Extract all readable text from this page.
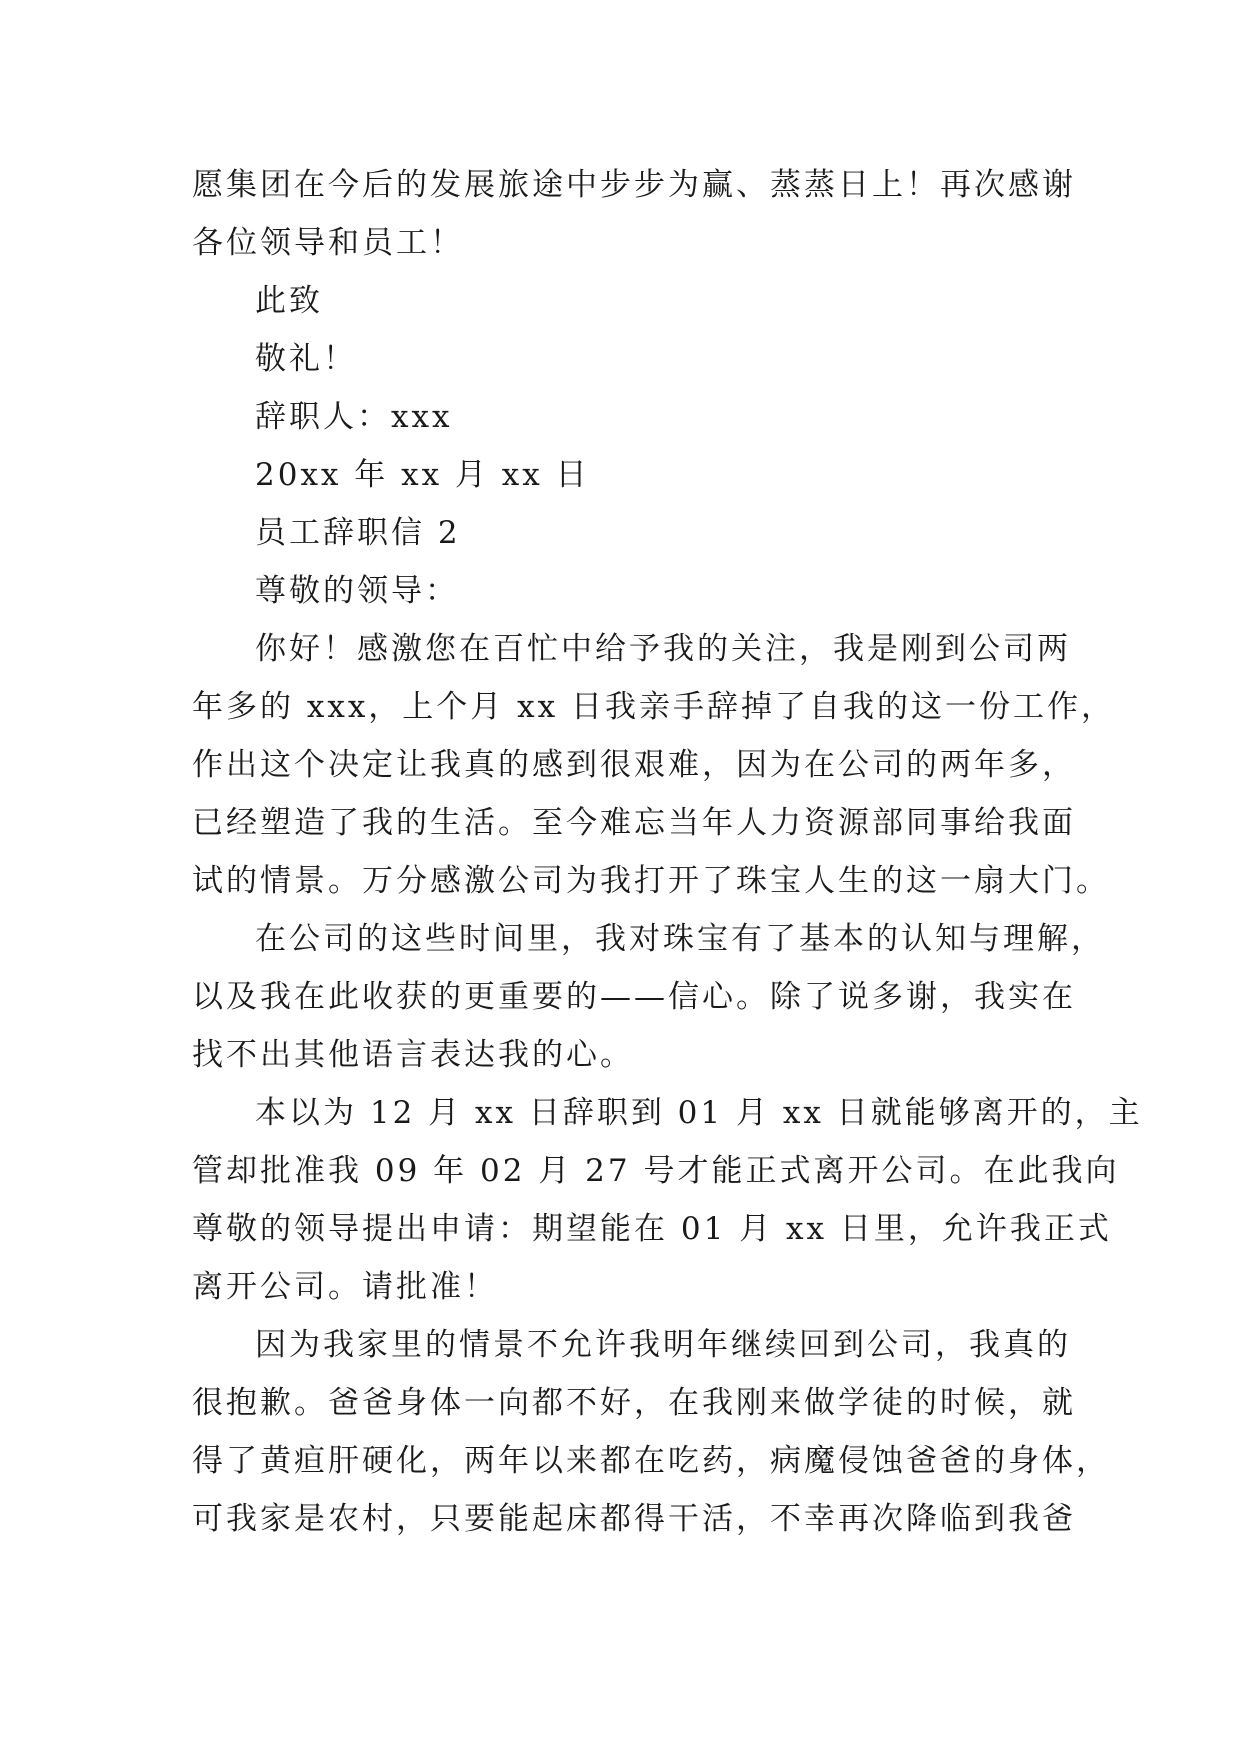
愿集团在今后的发展旅途中步步为赢、蒸蒸日上！再次感谢
各位领导和员工！
此致
敬礼！
辞职人：xxx
20xx 年 xx 月 xx 日
员工辞职信 2
尊敬的领导：
你好！感激您在百忙中给予我的关注，我是刚到公司两
年多的 xxx，上个月 xx 日我亲手辞掉了自我的这一份工作，
作出这个决定让我真的感到很艰难，因为在公司的两年多，
已经塑造了我的生活。至今难忘当年人力资源部同事给我面
试的情景。万分感激公司为我打开了珠宝人生的这一扇大门。
在公司的这些时间里，我对珠宝有了基本的认知与理解，
以及我在此收获的更重要的——信心。除了说多谢，我实在
找不出其他语言表达我的心。
本以为 12 月 xx 日辞职到 01 月 xx 日就能够离开的，主
管却批准我 09 年 02 月 27 号才能正式离开公司。在此我向
尊敬的领导提出申请：期望能在 01 月 xx 日里，允许我正式
离开公司。请批准！
因为我家里的情景不允许我明年继续回到公司，我真的
很抱歉。爸爸身体一向都不好，在我刚来做学徒的时候，就
得了黄疸肝硬化，两年以来都在吃药，病魔侵蚀爸爸的身体，
可我家是农村，只要能起床都得干活，不幸再次降临到我爸
